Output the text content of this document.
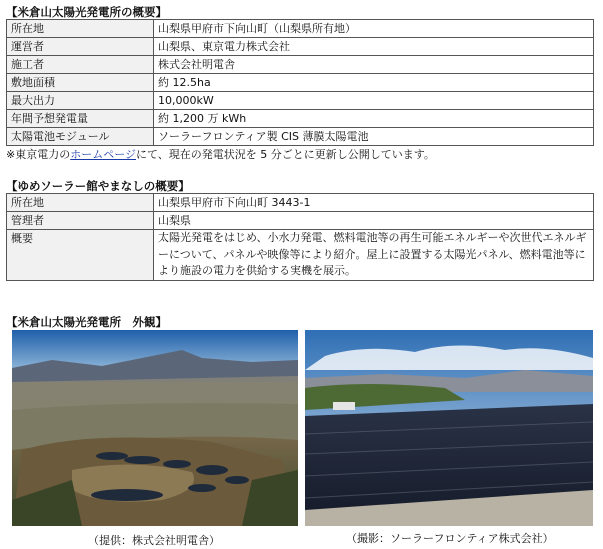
【米倉山太陽光発電所の概要】
所在地	山梨県甲府市下向山町（山梨県所有地）
運営者	山梨県、東京電力株式会社
施工者	株式会社明電舎
敷地面積	約 12.5ha
最大出力	10,000kW
年間予想発電量	約 1,200 万 kWh
太陽電池モジュール	ソーラーフロンティア製 CIS 薄膜太陽電池
※東京電力のホームページにて、現在の発電状況を 5 分ごとに更新し公開しています。
【ゆめソーラー館やまなしの概要】
所在地	山梨県甲府市下向山町 3443-1
管理者	山梨県
概要	太陽光発電をはじめ、小水力発電、燃料電池等の再生可能エネルギーや次世代エネルギーについて、パネルや映像等により紹介。屋上に設置する太陽光パネル、燃料電池等により施設の電力を供給する実機を展示。
【米倉山太陽光発電所　外観】
（提供：株式会社明電舎）	（撮影：ソーラーフロンティア株式会社）
